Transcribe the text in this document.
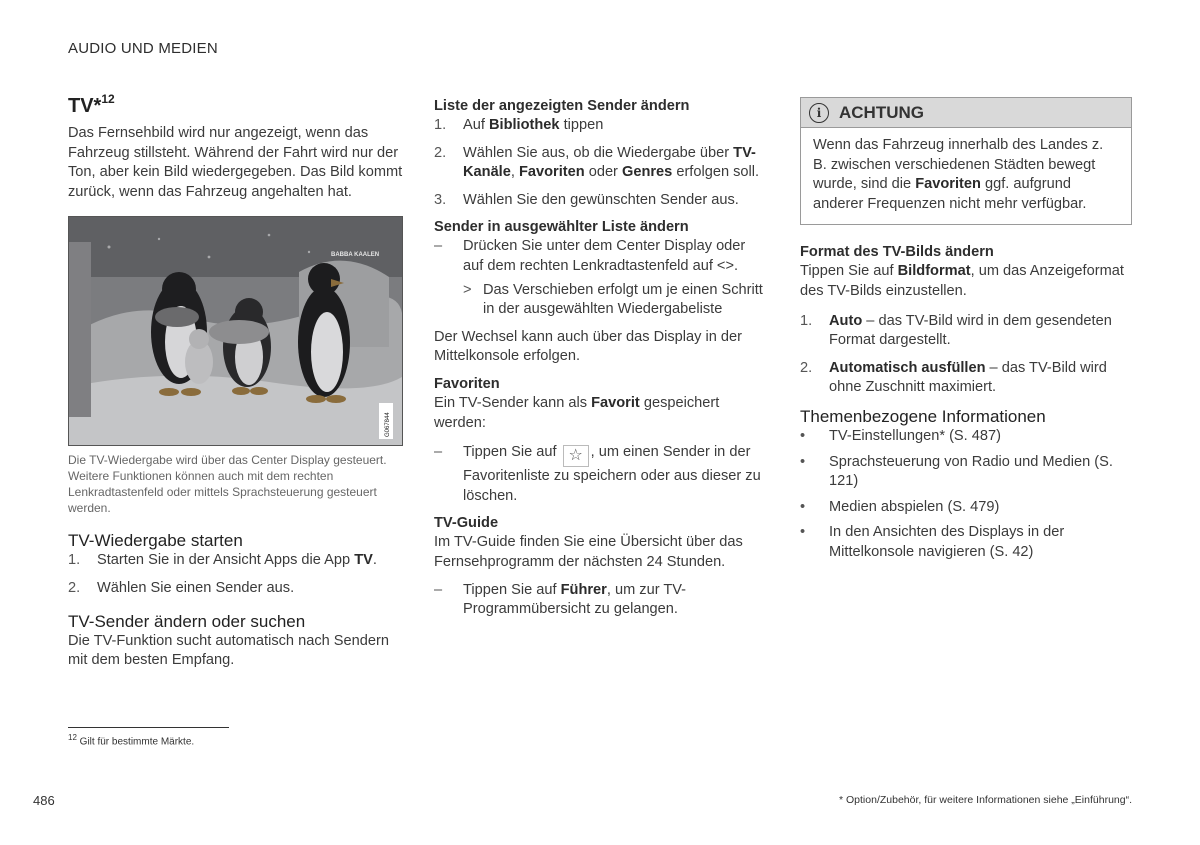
AUDIO UND MEDIEN
TV*$^{12}$

Das Fernsehbild wird nur angezeigt, wenn das Fahrzeug stillsteht. Während der Fahrt wird nur der Ton, aber kein Bild wiedergegeben. Das Bild kommt zurück, wenn das Fahrzeug angehalten hat.

BABBA KAALEN
G067844
Die TV-Wiedergabe wird über das Center Display gesteuert. Weitere Funktionen können auch mit dem rechten Lenkradtastenfeld oder mittels Sprachsteuerung gesteuert werden.
TV-Wiedergabe starten
1. Starten Sie in der Ansicht Apps die App TV.
2. Wählen Sie einen Sender aus.
TV-Sender ändern oder suchen

Die TV-Funktion sucht automatisch nach Sendern mit dem besten Empfang.

Liste der angezeigten Sender ändern
1. Auf Bibliothek tippen
2. Wählen Sie aus, ob die Wiedergabe über TV-Kanäle, Favoriten oder Genres erfolgen soll.
3. Wählen Sie den gewünschten Sender aus.
Sender in ausgewählter Liste ändern
– Drücken Sie unter dem Center Display oder auf dem rechten Lenkradtastenfeld auf <>.
> Das Verschieben erfolgt um je einen Schritt in der ausgewählten Wiedergabeliste

Der Wechsel kann auch über das Display in der Mittelkonsole erfolgen.

Favoriten

Ein TV-Sender kann als Favorit gespeichert werden:

– Tippen Sie auf ☆ , um einen Sender in der Favoritenliste zu speichern oder aus dieser zu löschen.
TV-Guide

Im TV-Guide finden Sie eine Übersicht über das Fernsehprogramm der nächsten 24 Stunden.

– Tippen Sie auf Führer, um zur TV-Programmübersicht zu gelangen.
i	ACHTUNG
Wenn das Fahrzeug innerhalb des Landes z. B. zwischen verschiedenen Städten bewegt wurde, sind die Favoriten ggf. aufgrund anderer Frequenzen nicht mehr verfügbar.
Format des TV-Bilds ändern

Tippen Sie auf Bildformat, um das Anzeigeformat des TV-Bilds einzustellen.

1. Auto – das TV-Bild wird in dem gesendeten Format dargestellt.
2. Automatisch ausfüllen – das TV-Bild wird ohne Zuschnitt maximiert.
Themenbezogene Informationen
• TV-Einstellungen* (S. 487)
• Sprachsteuerung von Radio und Medien (S. 121)
• Medien abspielen (S. 479)
• In den Ansichten des Displays in der Mittelkonsole navigieren (S. 42)
$^{12}$ Gilt für bestimmte Märkte.
486	* Option/Zubehör, für weitere Informationen siehe „Einführung“.
